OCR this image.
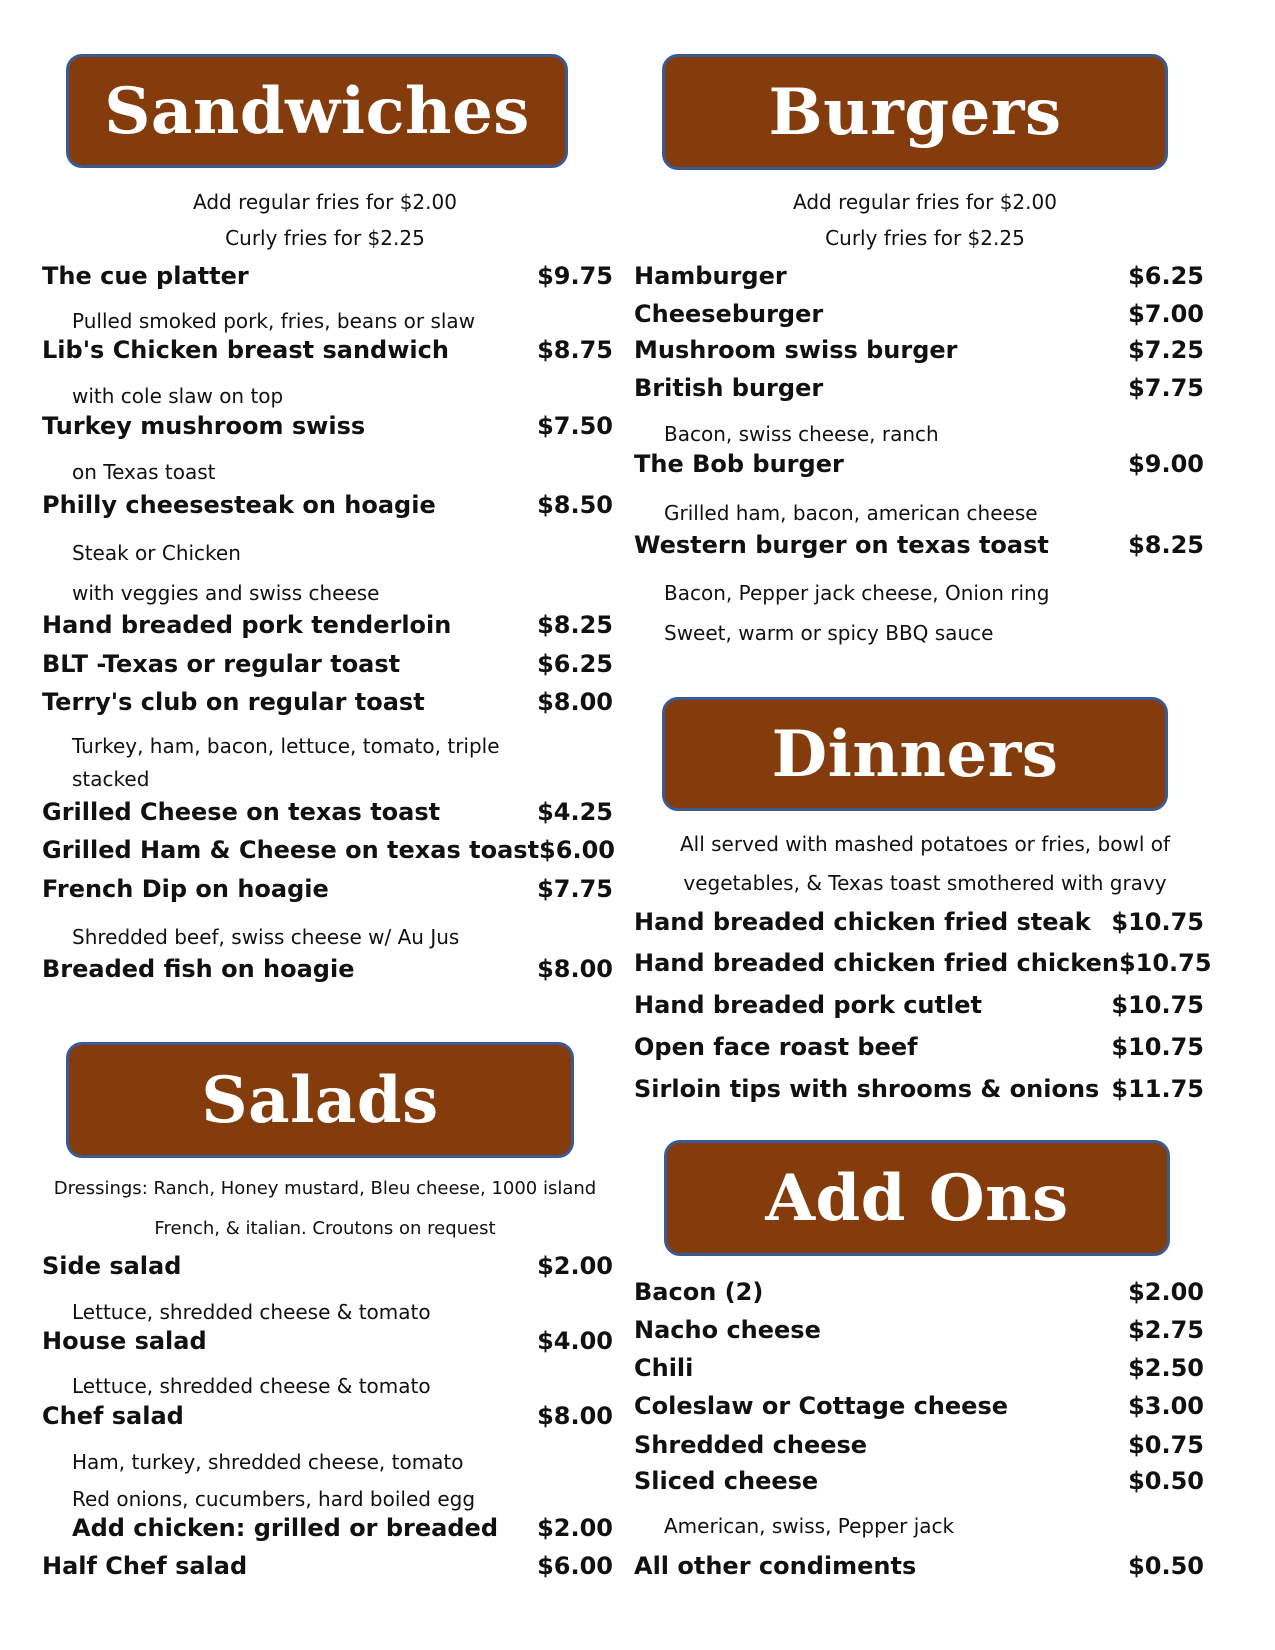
Sandwiches
Add regular fries for $2.00
Curly fries for $2.25
The cue platter	$9.75
Pulled smoked pork, fries, beans or slaw
Lib's Chicken breast sandwich	$8.75
with cole slaw on top
Turkey mushroom swiss	$7.50
on Texas toast
Philly cheesesteak on hoagie	$8.50
Steak or Chicken
with veggies and swiss cheese
Hand breaded pork tenderloin	$8.25
BLT -Texas or regular toast	$6.25
Terry's club on regular toast	$8.00
Turkey, ham, bacon, lettuce, tomato, triple stacked
Grilled Cheese on texas toast	$4.25
Grilled Ham & Cheese on texas toast $6.00
French Dip on hoagie	$7.75
Shredded beef, swiss cheese w/ Au Jus
Breaded fish on hoagie	$8.00
Salads
Dressings: Ranch, Honey mustard, Bleu cheese, 1000 island
French, & italian. Croutons on request
Side salad	$2.00
Lettuce, shredded cheese & tomato
House salad	$4.00
Lettuce, shredded cheese & tomato
Chef salad	$8.00
Ham, turkey, shredded cheese, tomato
Red onions, cucumbers, hard boiled egg
Add chicken: grilled or breaded $2.00
Half Chef salad	$6.00
Burgers
Add regular fries for $2.00
Curly fries for $2.25
Hamburger	$6.25
Cheeseburger	$7.00
Mushroom swiss burger	$7.25
British burger	$7.75
Bacon, swiss cheese, ranch
The Bob burger	$9.00
Grilled ham, bacon, american cheese
Western burger on texas toast	$8.25
Bacon, Pepper jack cheese, Onion ring
Sweet, warm or spicy BBQ sauce
Dinners
All served with mashed potatoes or fries, bowl of
vegetables, & Texas toast smothered with gravy
Hand breaded chicken fried steak $10.75
Hand breaded chicken fried chicken $10.75
Hand breaded pork cutlet	$10.75
Open face roast beef	$10.75
Sirloin tips with shrooms & onions $11.75
Add Ons
Bacon (2)	$2.00
Nacho cheese	$2.75
Chili	$2.50
Coleslaw or Cottage cheese	$3.00
Shredded cheese	$0.75
Sliced cheese	$0.50
American, swiss, Pepper jack
All other condiments	$0.50
